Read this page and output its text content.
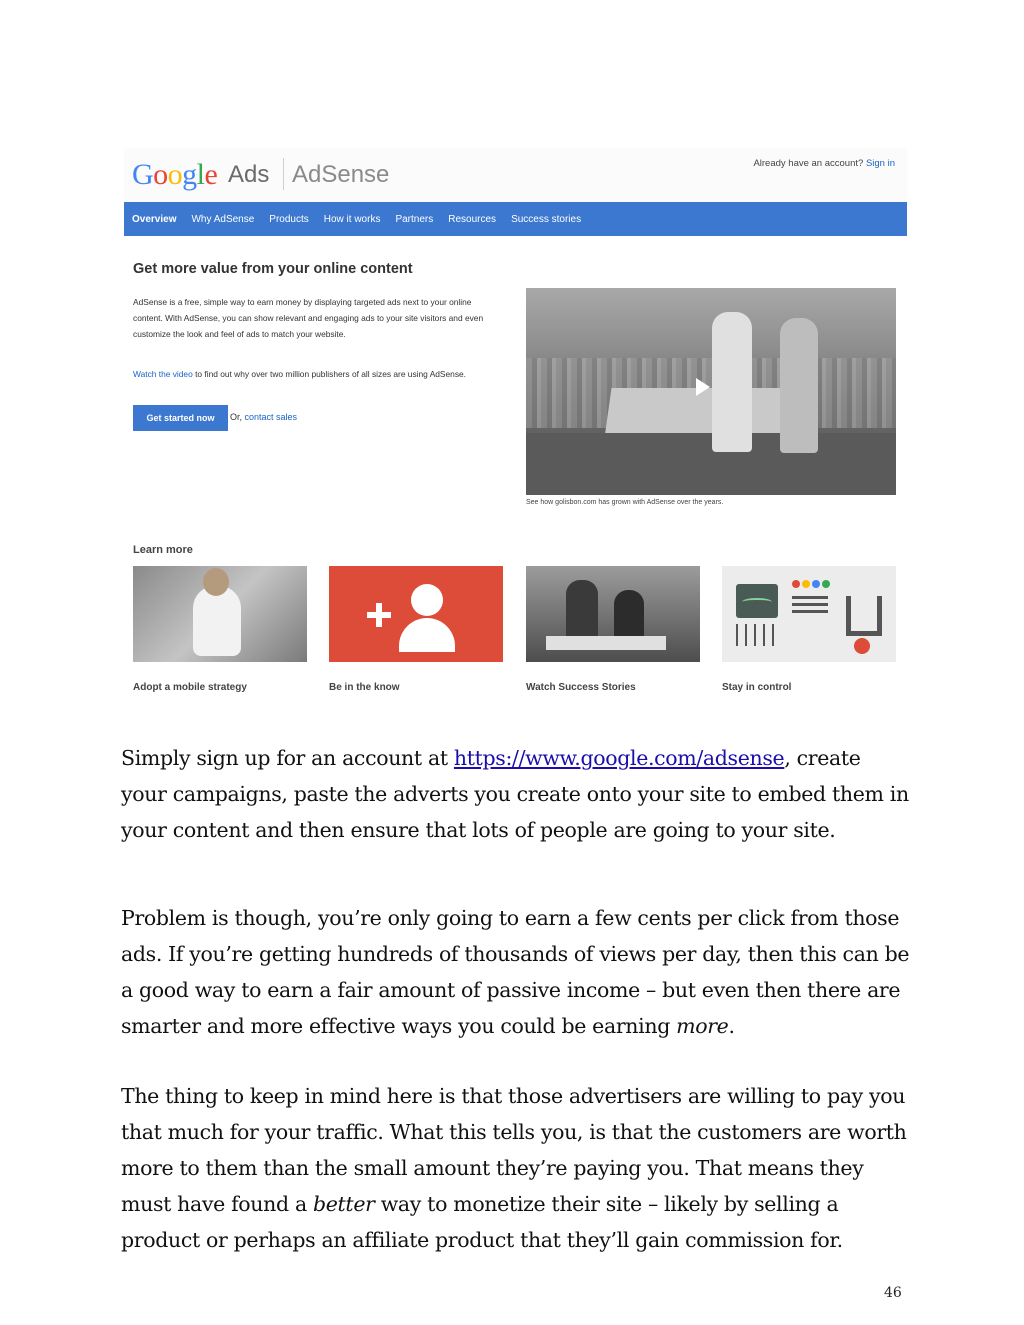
Google Ads AdSense	Already have an account? Sign in
Overview Why AdSense Products How it works Partners Resources Success stories
Get more value from your online content
AdSense is a free, simple way to earn money by displaying targeted ads next to your online content. With AdSense, you can show relevant and engaging ads to your site visitors and even customize the look and feel of ads to match your website.
Watch the video to find out why over two million publishers of all sizes are using AdSense.
Get started now	Or, contact sales
See how golisbon.com has grown with AdSense over the years.
Learn more
Adopt a mobile strategy	Be in the know	Watch Success Stories	Stay in control

Simply sign up for an account at https://www.google.com/adsense, create your campaigns, paste the adverts you create onto your site to embed them in your content and then ensure that lots of people are going to your site.

Problem is though, you’re only going to earn a few cents per click from those ads. If you’re getting hundreds of thousands of views per day, then this can be a good way to earn a fair amount of passive income – but even then there are smarter and more effective ways you could be earning more.

The thing to keep in mind here is that those advertisers are willing to pay you that much for your traffic. What this tells you, is that the customers are worth more to them than the small amount they’re paying you. That means they must have found a better way to monetize their site – likely by selling a product or perhaps an affiliate product that they’ll gain commission for.

46
